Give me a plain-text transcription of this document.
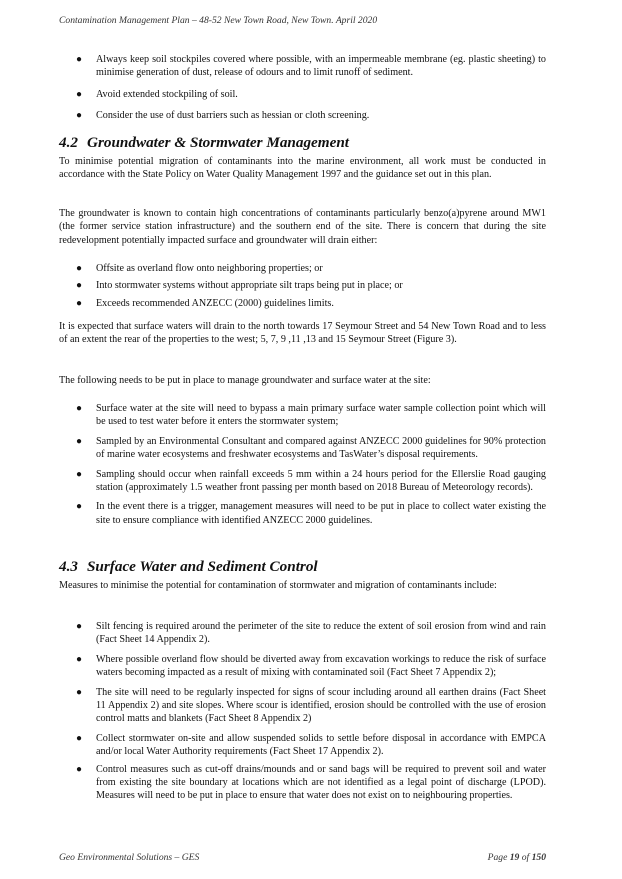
Contamination Management Plan – 48-52 New Town Road, New Town. April 2020
● Always keep soil stockpiles covered where possible, with an impermeable membrane (eg. plastic sheeting) to minimise generation of dust, release of odours and to limit runoff of sediment.
● Avoid extended stockpiling of soil.
● Consider the use of dust barriers such as hessian or cloth screening.
4.2 Groundwater & Stormwater Management
To minimise potential migration of contaminants into the marine environment, all work must be conducted in accordance with the State Policy on Water Quality Management 1997 and the guidance set out in this plan.
The groundwater is known to contain high concentrations of contaminants particularly benzo(a)pyrene around MW1 (the former service station infrastructure) and the southern end of the site. There is concern that during the site redevelopment potentially impacted surface and groundwater will drain either:
● Offsite as overland flow onto neighboring properties; or
● Into stormwater systems without appropriate silt traps being put in place; or
● Exceeds recommended ANZECC (2000) guidelines limits.
It is expected that surface waters will drain to the north towards 17 Seymour Street and 54 New Town Road and to less of an extent the rear of the properties to the west; 5, 7, 9 ,11 ,13 and 15 Seymour Street (Figure 3).
The following needs to be put in place to manage groundwater and surface water at the site:
● Surface water at the site will need to bypass a main primary surface water sample collection point which will be used to test water before it enters the stormwater system;
● Sampled by an Environmental Consultant and compared against ANZECC 2000 guidelines for 90% protection of marine water ecosystems and freshwater ecosystems and TasWater’s disposal requirements.
● Sampling should occur when rainfall exceeds 5 mm within a 24 hours period for the Ellerslie Road gauging station (approximately 1.5 weather front passing per month based on 2018 Bureau of Meteorology records).
● In the event there is a trigger, management measures will need to be put in place to collect water existing the site to ensure compliance with identified ANZECC 2000 guidelines.
4.3 Surface Water and Sediment Control
Measures to minimise the potential for contamination of stormwater and migration of contaminants include:
● Silt fencing is required around the perimeter of the site to reduce the extent of soil erosion from wind and rain (Fact Sheet 14 Appendix 2).
● Where possible overland flow should be diverted away from excavation workings to reduce the risk of surface waters becoming impacted as a result of mixing with contaminated soil (Fact Sheet 7 Appendix 2);
● The site will need to be regularly inspected for signs of scour including around all earthen drains (Fact Sheet 11 Appendix 2) and site slopes. Where scour is identified, erosion should be controlled with the use of erosion control matts and blankets (Fact Sheet 8 Appendix 2)
● Collect stormwater on-site and allow suspended solids to settle before disposal in accordance with EMPCA and/or local Water Authority requirements (Fact Sheet 17 Appendix 2).
● Control measures such as cut-off drains/mounds and or sand bags will be required to prevent soil and water from existing the site boundary at locations which are not identified as a legal point of discharge (LPOD). Measures will need to be put in place to ensure that water does not exist on to neighbouring properties.
Geo Environmental Solutions – GES	Page 19 of 150
